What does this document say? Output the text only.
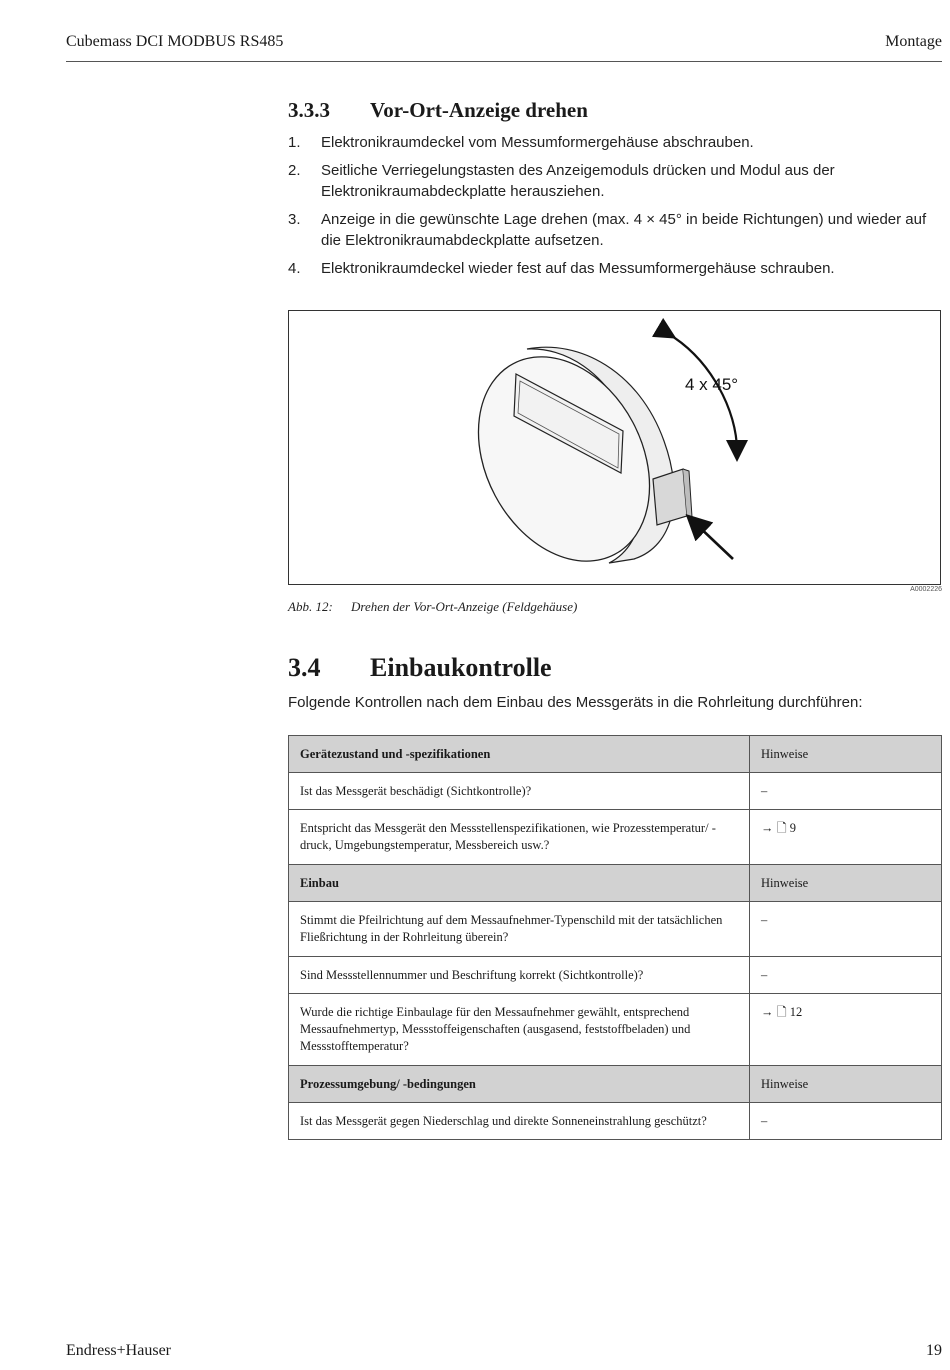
Cubemass DCI MODBUS RS485	Montage
3.3.3 Vor-Ort-Anzeige drehen
1. Elektronikraumdeckel vom Messumformergehäuse abschrauben.
2. Seitliche Verriegelungstasten des Anzeigemoduls drücken und Modul aus der Elektronikraumabdeckplatte herausziehen.
3. Anzeige in die gewünschte Lage drehen (max. 4 × 45° in beide Richtungen) und wieder auf die Elektronikraumabdeckplatte aufsetzen.
4. Elektronikraumdeckel wieder fest auf das Messumformergehäuse schrauben.
4 x 45°
A0002226
Abb. 12: Drehen der Vor-Ort-Anzeige (Feldgehäuse)
3.4 Einbaukontrolle
Folgende Kontrollen nach dem Einbau des Messgeräts in die Rohrleitung durchführen:
Gerätezustand und -spezifikationen	Hinweise
Ist das Messgerät beschädigt (Sichtkontrolle)?	–
Entspricht das Messgerät den Messstellenspezifikationen, wie Prozesstemperatur/ -druck, Umgebungstemperatur, Messbereich usw.?	→ 🗋 9
Einbau	Hinweise
Stimmt die Pfeilrichtung auf dem Messaufnehmer-Typenschild mit der tatsächlichen Fließrichtung in der Rohrleitung überein?	–
Sind Messstellennummer und Beschriftung korrekt (Sichtkontrolle)?	–
Wurde die richtige Einbaulage für den Messaufnehmer gewählt, entsprechend Messaufnehmertyp, Messstoffeigenschaften (ausgasend, feststoffbeladen) und Messstofftemperatur?	→ 🗋 12
Prozessumgebung/ -bedingungen	Hinweise
Ist das Messgerät gegen Niederschlag und direkte Sonneneinstrahlung geschützt?	–
Endress+Hauser	19
